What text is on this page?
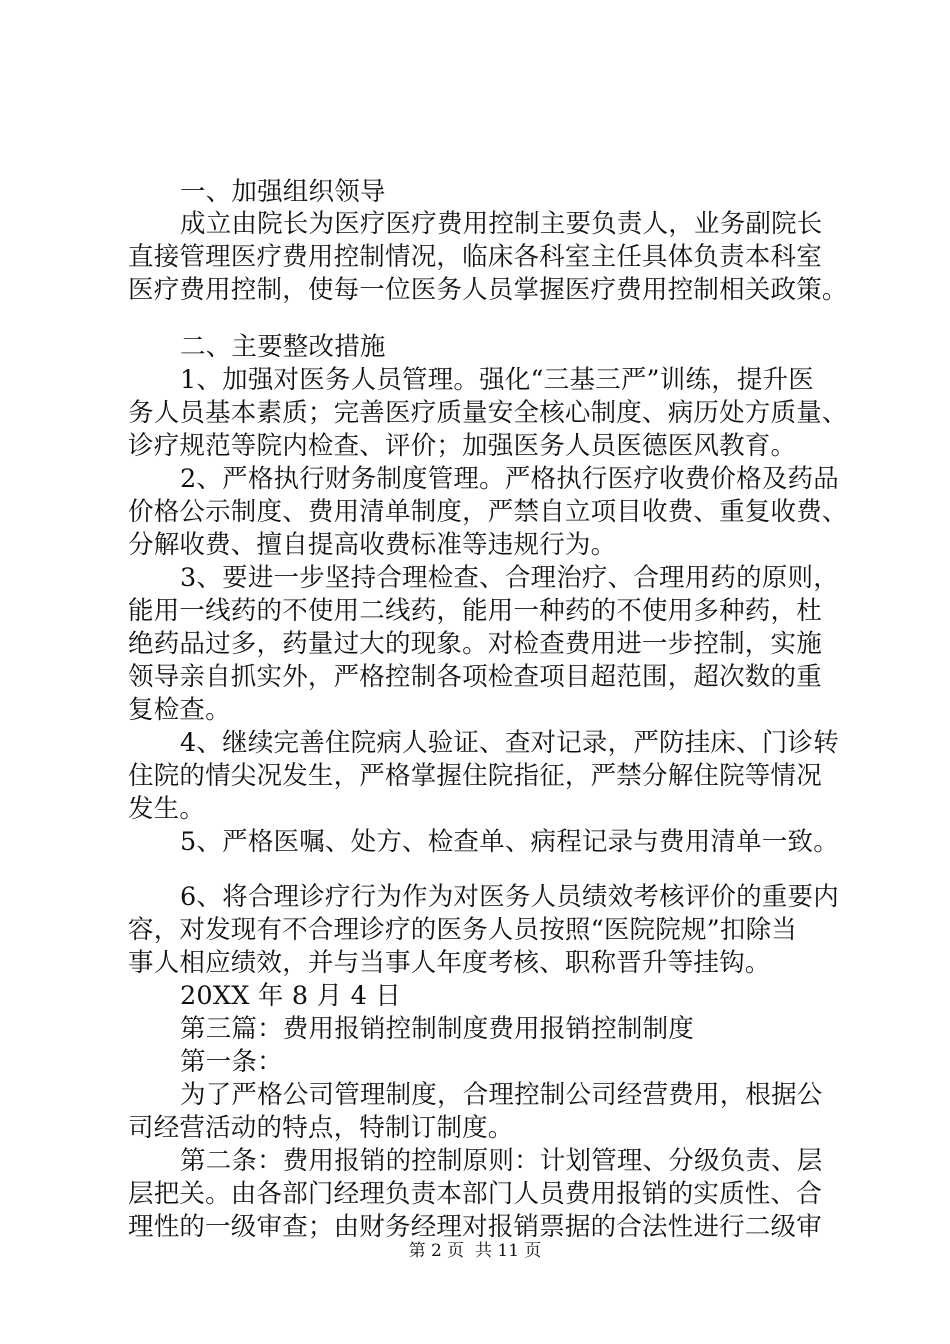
一、加强组织领导
成立由院长为医疗医疗费用控制主要负责人，业务副院长
直接管理医疗费用控制情况，临床各科室主任具体负责本科室
医疗费用控制，使每一位医务人员掌握医疗费用控制相关政策。
二、主要整改措施
1、加强对医务人员管理。强化“三基三严”训练，提升医
务人员基本素质；完善医疗质量安全核心制度、病历处方质量、
诊疗规范等院内检查、评价；加强医务人员医德医风教育。
2、严格执行财务制度管理。严格执行医疗收费价格及药品
价格公示制度、费用清单制度，严禁自立项目收费、重复收费、
分解收费、擅自提高收费标准等违规行为。
3、要进一步坚持合理检查、合理治疗、合理用药的原则，
能用一线药的不使用二线药，能用一种药的不使用多种药，杜
绝药品过多，药量过大的现象。对检查费用进一步控制，实施
领导亲自抓实外，严格控制各项检查项目超范围，超次数的重
复检查。
4、继续完善住院病人验证、查对记录，严防挂床、门诊转
住院的情尖况发生，严格掌握住院指征，严禁分解住院等情况
发生。
5、严格医嘱、处方、检查单、病程记录与费用清单一致。
6、将合理诊疗行为作为对医务人员绩效考核评价的重要内
容，对发现有不合理诊疗的医务人员按照“医院院规”扣除当
事人相应绩效，并与当事人年度考核、职称晋升等挂钩。
20XX 年 8 月 4 日
第三篇：费用报销控制制度费用报销控制制度
第一条：
为了严格公司管理制度，合理控制公司经营费用，根据公
司经营活动的特点，特制订制度。
第二条：费用报销的控制原则：计划管理、分级负责、层
层把关。由各部门经理负责本部门人员费用报销的实质性、合
理性的一级审查；由财务经理对报销票据的合法性进行二级审
第 2 页  共 11 页
